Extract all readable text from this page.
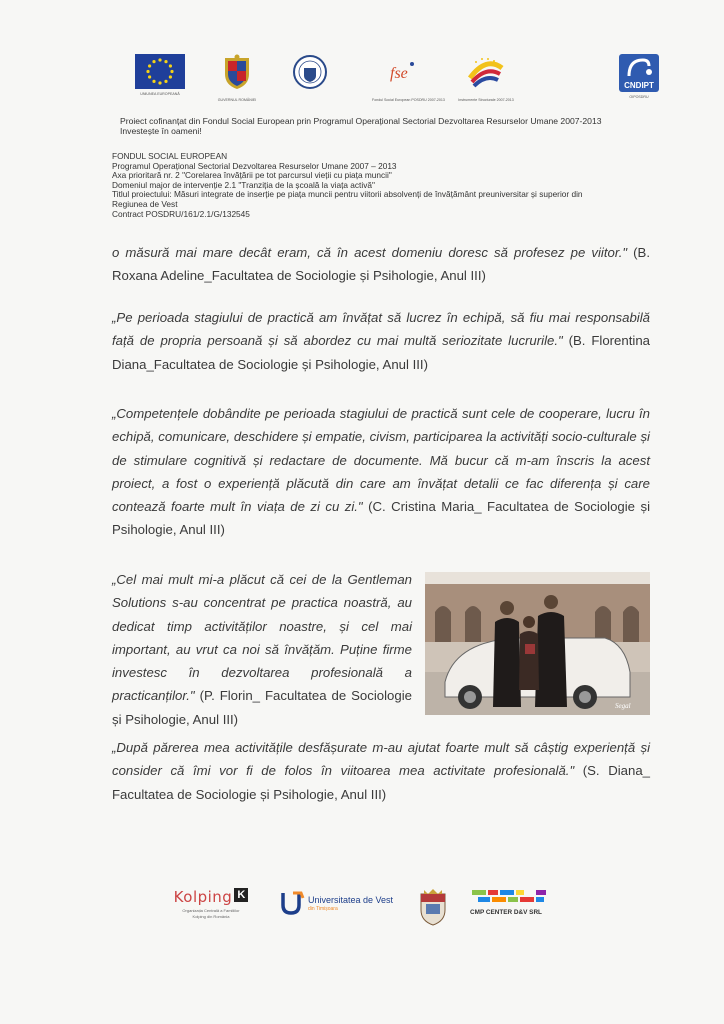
UNIUNEA EUROPEANĂ
GUVERNUL ROMÂNIEI
fse
Fondul Social European POSDRU 2007-2013	Instrumente Structurale 2007-2013
CNDIPT
OIPOSDRU
Proiect cofinanțat din Fondul Social European prin Programul Operațional Sectorial Dezvoltarea Resurselor Umane 2007-2013
Investește în oameni!
FONDUL SOCIAL EUROPEAN
Programul Operațional Sectorial Dezvoltarea Resurselor Umane 2007 – 2013
Axa prioritară nr. 2 "Corelarea învățării pe tot parcursul vieții cu piața muncii"
Domeniul major de intervenție 2.1 "Tranziția de la școală la viața activă"
Titlul proiectului: Măsuri integrate de inserție pe piața muncii pentru viitorii absolvenți de învățământ preuniversitar și superior din
Regiunea de Vest
Contract POSDRU/161/2.1/G/132545

o măsură mai mare decât eram, că în acest domeniu doresc să profesez pe viitor." (B. Roxana Adeline_Facultatea de Sociologie și Psihologie, Anul III)

„Pe perioada stagiului de practică am învățat să lucrez în echipă, să fiu mai responsabilă față de propria persoană și să abordez cu mai multă seriozitate lucrurile." (B. Florentina Diana_Facultatea de Sociologie și Psihologie, Anul III)

„Competențele dobândite pe perioada stagiului de practică sunt cele de cooperare, lucru în echipă, comunicare, deschidere și empatie, civism, participarea la activități socio-culturale și de stimulare cognitivă și redactare de documente. Mă bucur că m-am înscris la acest proiect, a fost o experiență plăcută din care am învățat detalii ce fac diferența și care contează foarte mult în viața de zi cu zi." (C. Cristina Maria_ Facultatea de Sociologie și Psihologie, Anul III)

„Cel mai mult mi-a plăcut că cei de la Gentleman Solutions s-au concentrat pe practica noastră, au dedicat timp activităților noastre, și cel mai important, au vrut ca noi să învățăm. Puține firme investesc în dezvoltarea profesională a practicanților." (P. Florin_ Facultatea de Sociologie și Psihologie, Anul III)

Segal

„După părerea mea activitățile desfășurate m-au ajutat foarte mult să câștig experiență și consider că îmi vor fi de folos în viitoarea mea activitate profesională." (S. Diana_ Facultatea de Sociologie și Psihologie, Anul III)

Kolping K
Organizația Centrală a Familiilor
Kolping din România
Universitatea de Vest
din Timișoara	CMP CENTER D&V SRL
